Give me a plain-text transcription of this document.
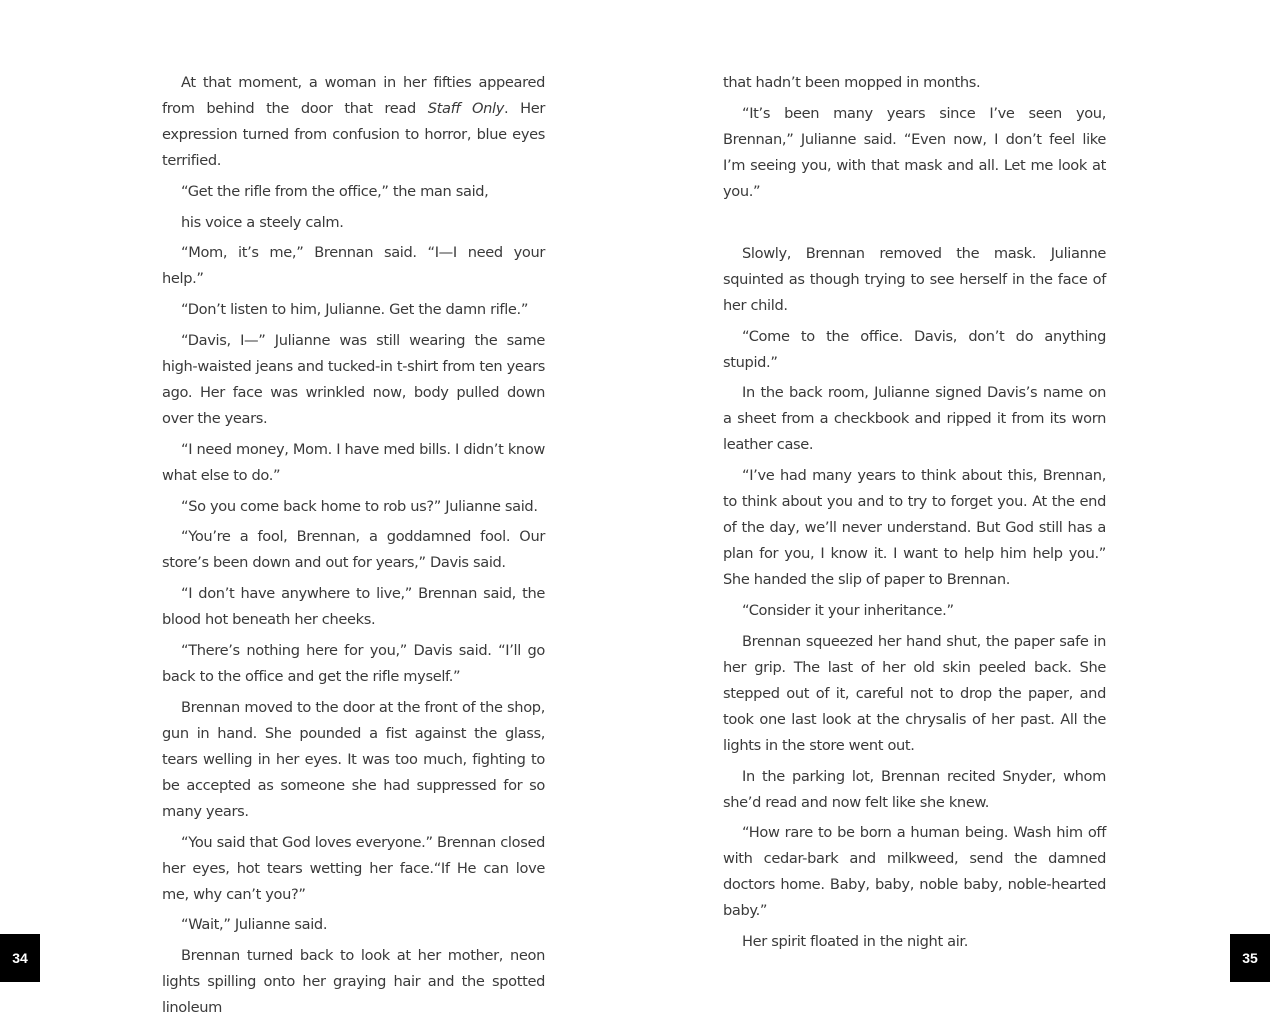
At that moment, a woman in her fifties appeared from behind the door that read Staff Only. Her expression turned from confusion to horror, blue eyes terrified.

“Get the rifle from the office,” the man said,

his voice a steely calm.

“Mom, it’s me,” Brennan said. “I—I need your help.”

“Don’t listen to him, Julianne. Get the damn rifle.”

“Davis, I—” Julianne was still wearing the same high-waisted jeans and tucked-in t-shirt from ten years ago. Her face was wrinkled now, body pulled down over the years.

“I need money, Mom. I have med bills. I didn’t know what else to do.”

“So you come back home to rob us?” Julianne said.

“You’re a fool, Brennan, a goddamned fool. Our store’s been down and out for years,” Davis said.

“I don’t have anywhere to live,” Brennan said, the blood hot beneath her cheeks.

“There’s nothing here for you,” Davis said. “I’ll go back to the office and get the rifle myself.”

Brennan moved to the door at the front of the shop, gun in hand. She pounded a fist against the glass, tears welling in her eyes. It was too much, fighting to be accepted as someone she had suppressed for so many years.

“You said that God loves everyone.” Brennan closed her eyes, hot tears wetting her face.“If He can love me, why can’t you?”

“Wait,” Julianne said.

Brennan turned back to look at her mother, neon lights spilling onto her graying hair and the spotted linoleum

that hadn’t been mopped in months.

“It’s been many years since I’ve seen you, Brennan,” Julianne said. “Even now, I don’t feel like I’m seeing you, with that mask and all. Let me look at you.”

Slowly, Brennan removed the mask. Julianne squinted as though trying to see herself in the face of her child.

“Come to the office. Davis, don’t do anything stupid.”

In the back room, Julianne signed Davis’s name on a sheet from a checkbook and ripped it from its worn leather case.

“I’ve had many years to think about this, Brennan, to think about you and to try to forget you. At the end of the day, we’ll never understand. But God still has a plan for you, I know it. I want to help him help you.” She handed the slip of paper to Brennan.

“Consider it your inheritance.”

Brennan squeezed her hand shut, the paper safe in her grip. The last of her old skin peeled back. She stepped out of it, careful not to drop the paper, and took one last look at the chrysalis of her past. All the lights in the store went out.

In the parking lot, Brennan recited Snyder, whom she’d read and now felt like she knew.

“How rare to be born a human being. Wash him off with cedar-bark and milkweed, send the damned doctors home. Baby, baby, noble baby, noble-hearted baby.”

Her spirit floated in the night air.

34	35
